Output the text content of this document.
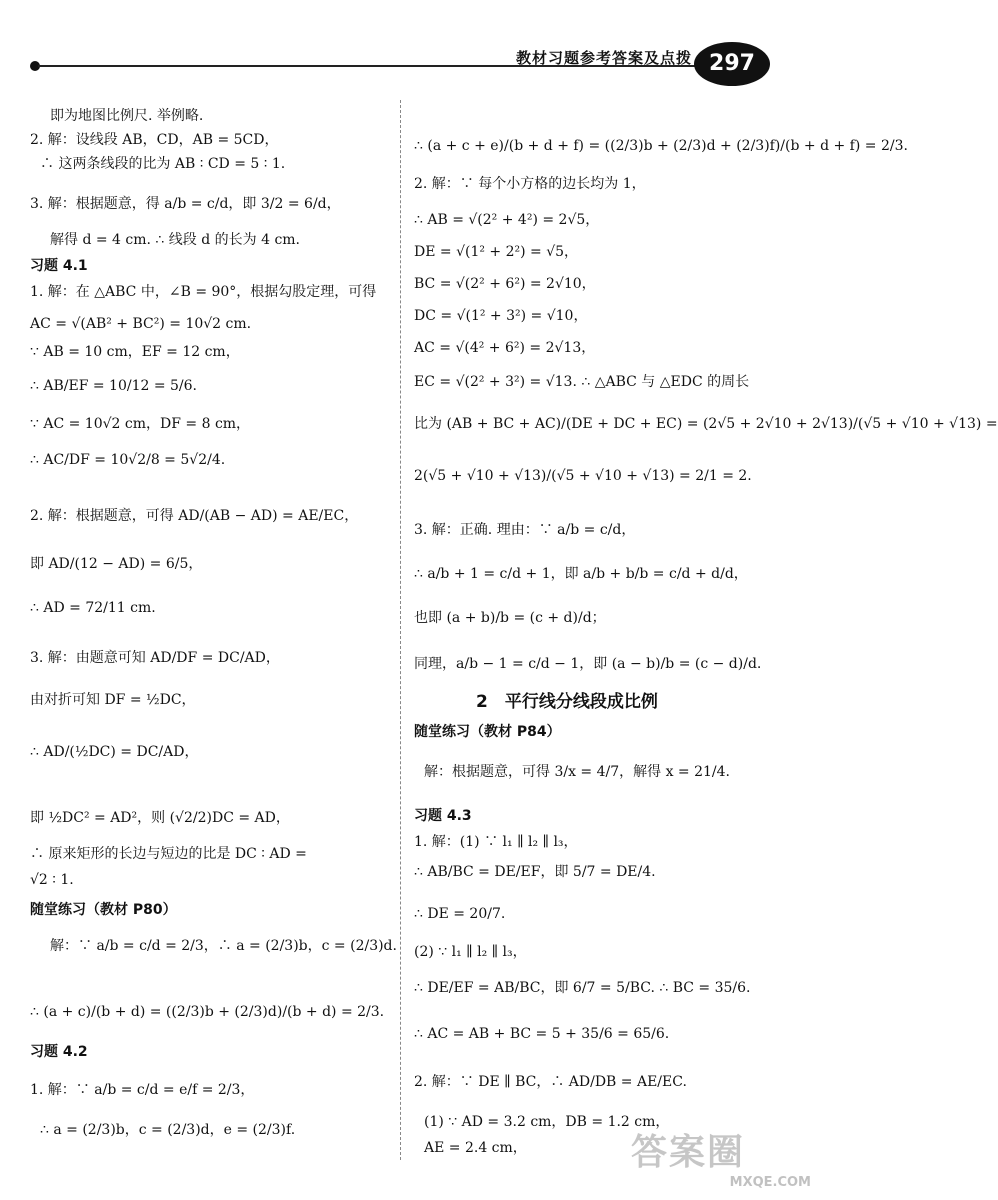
教材习题参考答案及点拨 297
即为地图比例尺. 举例略.
2. 解：设线段 AB，CD，AB = 5CD，
∴ 这两条线段的比为 AB ∶ CD = 5 ∶ 1.
3. 解：根据题意，得 a/b = c/d，即 3/2 = 6/d，
解得 d = 4 cm. ∴ 线段 d 的长为 4 cm.
习题 4.1
1. 解：在 △ABC 中，∠B = 90°，根据勾股定理，可得
AC = √(AB² + BC²) = 10√2 cm.
∵ AB = 10 cm，EF = 12 cm，
∴ AB/EF = 10/12 = 5/6.
∵ AC = 10√2 cm，DF = 8 cm，
∴ AC/DF = 10√2/8 = 5√2/4.
2. 解：根据题意，可得 AD/(AB − AD) = AE/EC，
即 AD/(12 − AD) = 6/5，
∴ AD = 72/11 cm.
3. 解：由题意可知 AD/DF = DC/AD，
由对折可知 DF = ½DC，
∴ AD/(½DC) = DC/AD，
即 ½DC² = AD²，则 (√2/2)DC = AD，
∴ 原来矩形的长边与短边的比是 DC ∶ AD =
√2 ∶ 1.
随堂练习（教材 P80）
解：∵ a/b = c/d = 2/3，∴ a = (2/3)b，c = (2/3)d.
∴ (a + c)/(b + d) = ((2/3)b + (2/3)d)/(b + d) = 2/3.
习题 4.2
1. 解：∵ a/b = c/d = e/f = 2/3，
∴ a = (2/3)b，c = (2/3)d，e = (2/3)f.
∴ (a + c + e)/(b + d + f) = ((2/3)b + (2/3)d + (2/3)f)/(b + d + f) = 2/3.
2. 解：∵ 每个小方格的边长均为 1，
∴ AB = √(2² + 4²) = 2√5，
DE = √(1² + 2²) = √5，
BC = √(2² + 6²) = 2√10，
DC = √(1² + 3²) = √10，
AC = √(4² + 6²) = 2√13，
EC = √(2² + 3²) = √13. ∴ △ABC 与 △EDC 的周长
比为 (AB + BC + AC)/(DE + DC + EC) = (2√5 + 2√10 + 2√13)/(√5 + √10 + √13) =
2(√5 + √10 + √13)/(√5 + √10 + √13) = 2/1 = 2.
3. 解：正确. 理由：∵ a/b = c/d，
∴ a/b + 1 = c/d + 1，即 a/b + b/b = c/d + d/d，
也即 (a + b)/b = (c + d)/d；
同理，a/b − 1 = c/d − 1，即 (a − b)/b = (c − d)/d.
2　平行线分线段成比例
随堂练习（教材 P84）
解：根据题意，可得 3/x = 4/7，解得 x = 21/4.
习题 4.3
1. 解：(1) ∵ l₁ ∥ l₂ ∥ l₃，
∴ AB/BC = DE/EF，即 5/7 = DE/4.
∴ DE = 20/7.
(2) ∵ l₁ ∥ l₂ ∥ l₃，
∴ DE/EF = AB/BC，即 6/7 = 5/BC. ∴ BC = 35/6.
∴ AC = AB + BC = 5 + 35/6 = 65/6.
2. 解：∵ DE ∥ BC，∴ AD/DB = AE/EC.
(1) ∵ AD = 3.2 cm，DB = 1.2 cm，
AE = 2.4 cm，	答案圈
MXQE.COM
